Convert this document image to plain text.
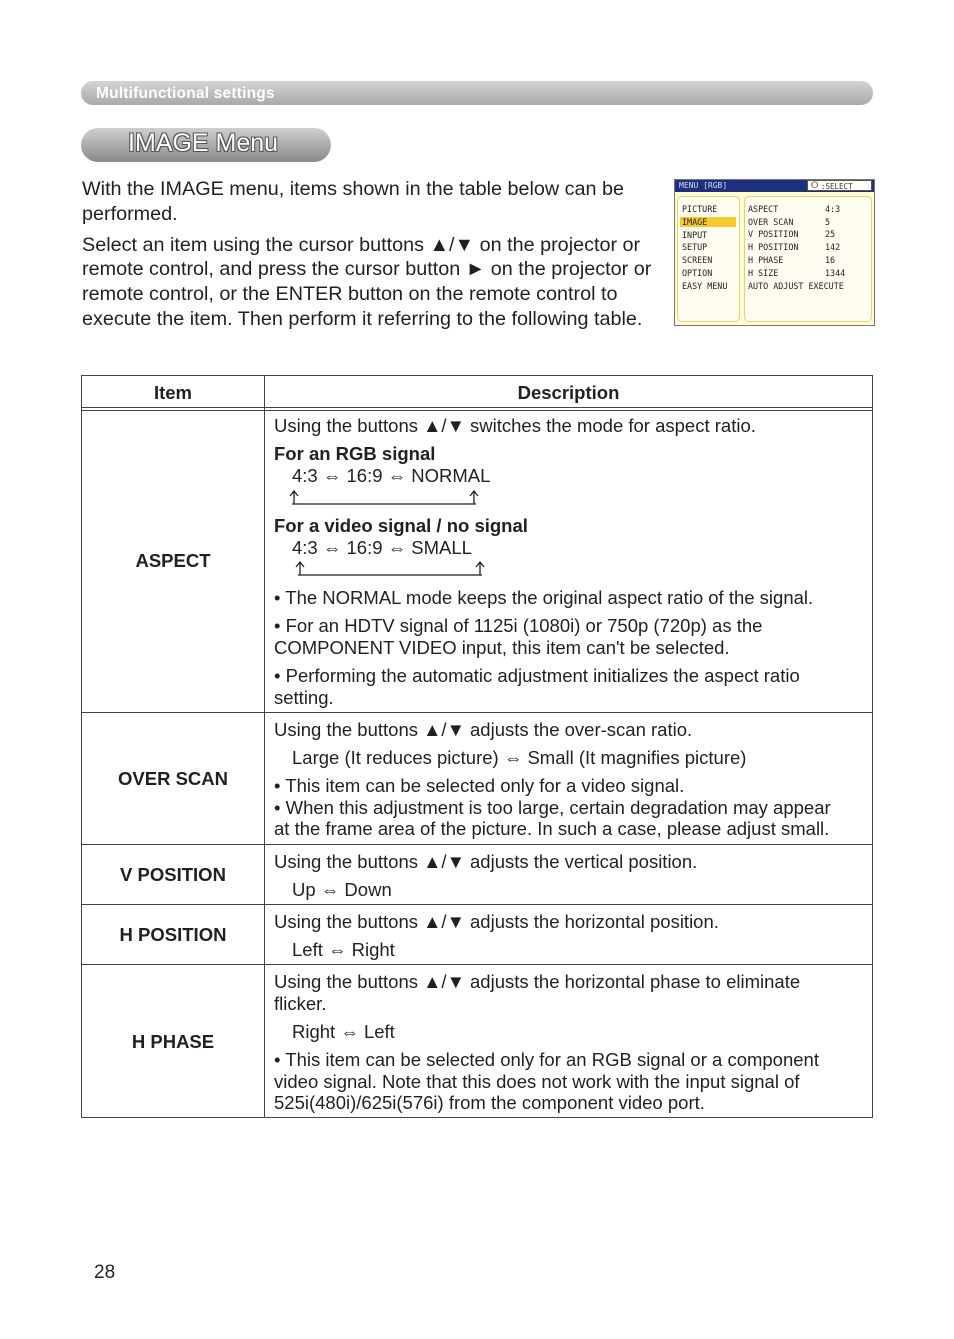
Multifunctional settings
IMAGE Menu

With the IMAGE menu, items shown in the table below can be performed.

Select an item using the cursor buttons ▲/▼ on the projector or remote control, and press the cursor button ► on the projector or remote control, or the ENTER button on the remote control to execute the item. Then perform it referring to the following table.

MENU [RGB]	⭘ :SELECT
PICTURE
IMAGE
INPUT
SETUP
SCREEN
OPTION
EASY MENU
ASPECT	4:3
OVER SCAN	5
V POSITION	25
H POSITION	142
H PHASE	16
H SIZE	1344
AUTO ADJUST EXECUTE
Item	Description
ASPECT
Using the buttons ▲/▼ switches the mode for aspect ratio.
For an RGB signal
4:3 ⇔ 16:9 ⇔ NORMAL
For a video signal / no signal
4:3 ⇔ 16:9 ⇔ SMALL
• The NORMAL mode keeps the original aspect ratio of the signal.
• For an HDTV signal of 1125i (1080i) or 750p (720p) as the
COMPONENT VIDEO input, this item can't be selected.
• Performing the automatic adjustment initializes the aspect ratio
setting.
OVER SCAN
Using the buttons ▲/▼ adjusts the over-scan ratio.
Large (It reduces picture) ⇔ Small (It magnifies picture)
• This item can be selected only for a video signal.
• When this adjustment is too large, certain degradation may appear
at the frame area of the picture. In such a case, please adjust small.
V POSITION
Using the buttons ▲/▼ adjusts the vertical position.
Up ⇔ Down
H POSITION
Using the buttons ▲/▼ adjusts the horizontal position.
Left ⇔ Right
H PHASE
Using the buttons ▲/▼ adjusts the horizontal phase to eliminate
flicker.
Right ⇔ Left
• This item can be selected only for an RGB signal or a component
video signal. Note that this does not work with the input signal of
525i(480i)/625i(576i) from the component video port.
28
